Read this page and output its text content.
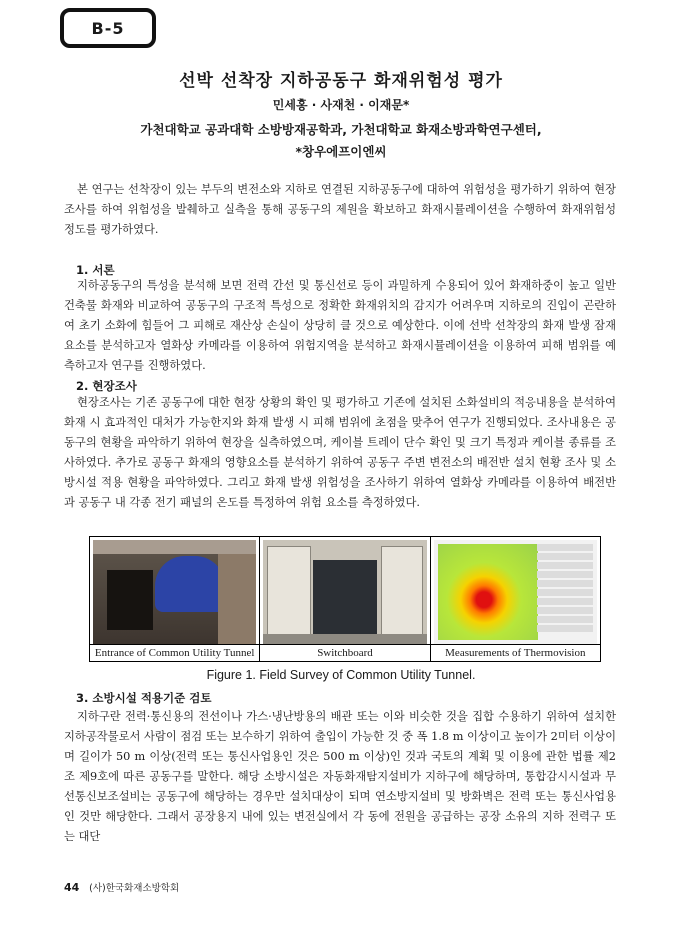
B-5
선박 선착장 지하공동구 화재위험성 평가
민세홍 · 사재천 · 이재문*
가천대학교 공과대학 소방방재공학과, 가천대학교 화재소방과학연구센터,
*창우에프이엔씨

본 연구는 선착장이 있는 부두의 변전소와 지하로 연결된 지하공동구에 대하여 위험성을 평가하기 위하여 현장조사를 하여 위험성을 발췌하고 실측을 통해 공동구의 제원을 확보하고 화재시뮬레이션을 수행하여 화재위험성 정도를 평가하였다.

1. 서론

지하공동구의 특성을 분석해 보면 전력 간선 및 통신선로 등이 과밀하게 수용되어 있어 화재하중이 높고 일반 건축물 화재와 비교하여 공동구의 구조적 특성으로 정확한 화재위치의 감지가 어려우며 지하로의 진입이 곤란하여 초기 소화에 힘들어 그 피해로 재산상 손실이 상당히 클 것으로 예상한다. 이에 선박 선착장의 화재 발생 잠재요소를 분석하고자 열화상 카메라를 이용하여 위험지역을 분석하고 화재시뮬레이션을 이용하여 피해 범위를 예측하고자 연구를 진행하였다.

2. 현장조사

현장조사는 기존 공동구에 대한 현장 상황의 확인 및 평가하고 기존에 설치된 소화설비의 적응내용을 분석하여 화재 시 효과적인 대처가 가능한지와 화재 발생 시 피해 범위에 초점을 맞추어 연구가 진행되었다. 조사내용은 공동구의 현황을 파악하기 위하여 현장을 실측하였으며, 케이블 트레이 단수 확인 및 크기 특정과 케이블 종류를 조사하였다. 추가로 공동구 화재의 영향요소를 분석하기 위하여 공동구 주변 변전소의 배전반 설치 현황 조사 및 소방시설 적용 현황을 파악하였다. 그리고 화재 발생 위험성을 조사하기 위하여 열화상 카메라를 이용하여 배전반과 공동구 내 각종 전기 패널의 온도를 특정하여 위험 요소를 측정하였다.

Entrance of Common Utility Tunnel	Switchboard	Measurements of Thermovision
Figure 1. Field Survey of Common Utility Tunnel.
3. 소방시설 적용기준 검토

지하구란 전력·통신용의 전선이나 가스·냉난방용의 배관 또는 이와 비슷한 것을 집합 수용하기 위하여 설치한 지하공작물로서 사람이 점검 또는 보수하기 위하여 출입이 가능한 것 중 폭 1.8 m 이상이고 높이가 2미터 이상이며 길이가 50 m 이상(전력 또는 통신사업용인 것은 500 m 이상)인 것과 국토의 계획 및 이용에 관한 법률 제2조 제9호에 따른 공동구를 말한다. 해당 소방시설은 자동화재탐지설비가 지하구에 해당하며, 통합감시시설과 무선통신보조설비는 공동구에 해당하는 경우만 설치대상이 되며 연소방지설비 및 방화벽은 전력 또는 통신사업용인 것만 해당한다. 그래서 공장용지 내에 있는 변전실에서 각 동에 전원을 공급하는 공장 소유의 지하 전력구 또는 대단

44 (사)한국화재소방학회
